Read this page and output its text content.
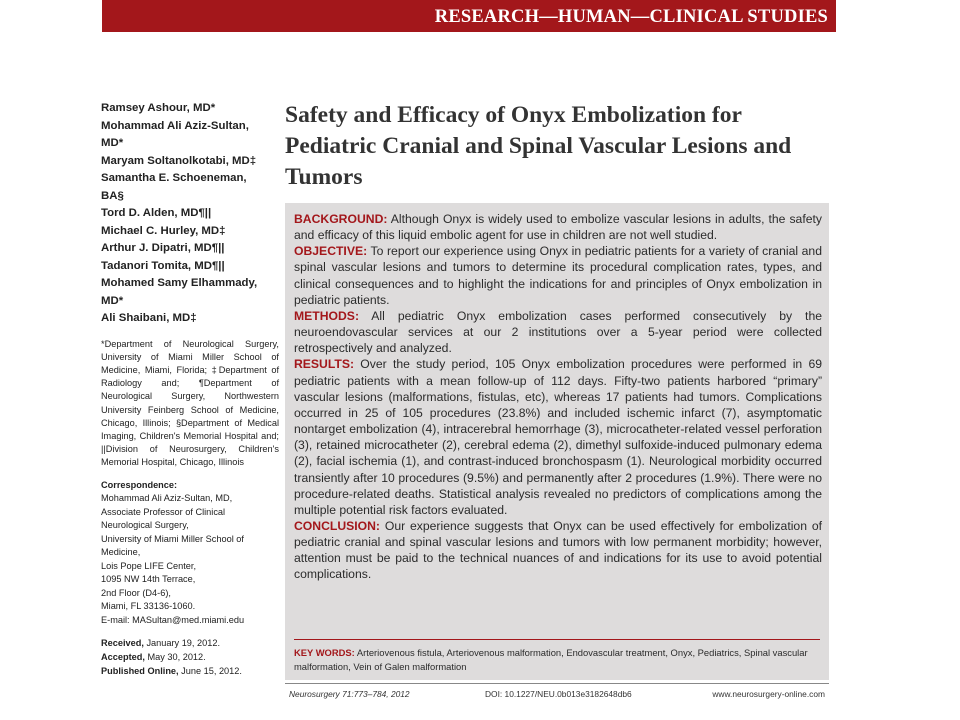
RESEARCH—HUMAN—CLINICAL STUDIES
Ramsey Ashour, MD*
Mohammad Ali Aziz-Sultan,
MD*
Maryam Soltanolkotabi, MD‡
Samantha E. Schoeneman,
BA§
Tord D. Alden, MD¶||
Michael C. Hurley, MD‡
Arthur J. Dipatri, MD¶||
Tadanori Tomita, MD¶||
Mohamed Samy Elhammady,
MD*
Ali Shaibani, MD‡
*Department of Neurological Surgery, University of Miami Miller School of Medicine, Miami, Florida; ‡Department of Radiology and; ¶Department of Neurological Surgery, Northwestern University Feinberg School of Medicine, Chicago, Illinois; §Department of Medical Imaging, Children's Memorial Hospital and; ||Division of Neurosurgery, Children's Memorial Hospital, Chicago, Illinois
Correspondence:
Mohammad Ali Aziz-Sultan, MD,
Associate Professor of Clinical
Neurological Surgery,
University of Miami Miller School of
Medicine,
Lois Pope LIFE Center,
1095 NW 14th Terrace,
2nd Floor (D4-6),
Miami, FL 33136-1060.
E-mail: MASultan@med.miami.edu
Received, January 19, 2012.
Accepted, May 30, 2012.
Published Online, June 15, 2012.
Safety and Efficacy of Onyx Embolization for Pediatric Cranial and Spinal Vascular Lesions and Tumors

BACKGROUND: Although Onyx is widely used to embolize vascular lesions in adults, the safety and efficacy of this liquid embolic agent for use in children are not well studied.

OBJECTIVE: To report our experience using Onyx in pediatric patients for a variety of cranial and spinal vascular lesions and tumors to determine its procedural complication rates, types, and clinical consequences and to highlight the indications for and principles of Onyx embolization in pediatric patients.

METHODS: All pediatric Onyx embolization cases performed consecutively by the neuroendovascular services at our 2 institutions over a 5-year period were collected retrospectively and analyzed.

RESULTS: Over the study period, 105 Onyx embolization procedures were performed in 69 pediatric patients with a mean follow-up of 112 days. Fifty-two patients harbored “primary” vascular lesions (malformations, fistulas, etc), whereas 17 patients had tumors. Complications occurred in 25 of 105 procedures (23.8%) and included ischemic infarct (7), asymptomatic nontarget embolization (4), intracerebral hemorrhage (3), microcatheter-related vessel perforation (3), retained microcatheter (2), cerebral edema (2), dimethyl sulfoxide-induced pulmonary edema (2), facial ischemia (1), and contrast-induced bronchospasm (1). Neurological morbidity occurred transiently after 10 procedures (9.5%) and permanently after 2 procedures (1.9%). There were no procedure-related deaths. Statistical analysis revealed no predictors of complications among the multiple potential risk factors evaluated.

CONCLUSION: Our experience suggests that Onyx can be used effectively for embolization of pediatric cranial and spinal vascular lesions and tumors with low permanent morbidity; however, attention must be paid to the technical nuances of and indications for its use to avoid potential complications.

KEY WORDS: Arteriovenous fistula, Arteriovenous malformation, Endovascular treatment, Onyx, Pediatrics, Spinal vascular malformation, Vein of Galen malformation
Neurosurgery 71:773–784, 2012	DOI: 10.1227/NEU.0b013e3182648db6	www.neurosurgery-online.com
